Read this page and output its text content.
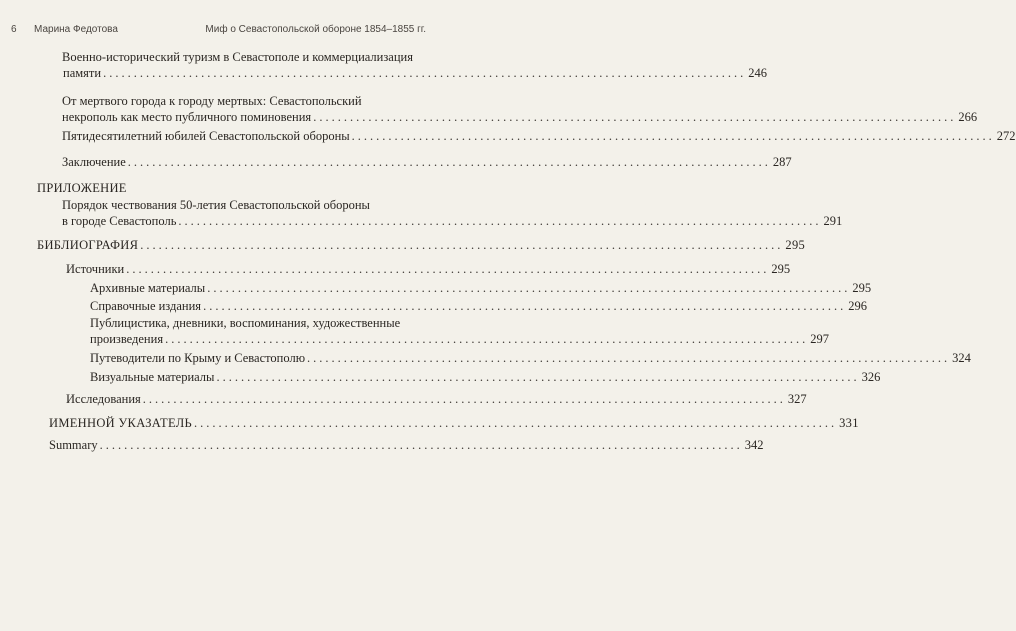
6 Марина Федотова	Миф о Севастопольской обороне 1854–1855 гг.
Военно-исторический туризм в Севастополе и коммерциализация
памяти ......................................................................................................... 246
От мертвого города к городу мертвых: Севастопольский
некрополь как место публичного поминовения ......................................................................................................... 266
Пятидесятилетний юбилей Севастопольской обороны ......................................................................................................... 272
Заключение ......................................................................................................... 287
ПРИЛОЖЕНИЕ
Порядок чествования 50-летия Севастопольской обороны
в городе Севастополь ......................................................................................................... 291
БИБЛИОГРАФИЯ ......................................................................................................... 295
Источники ......................................................................................................... 295
Архивные материалы ......................................................................................................... 295
Справочные издания ......................................................................................................... 296
Публицистика, дневники, воспоминания, художественные
произведения ......................................................................................................... 297
Путеводители по Крыму и Севастополю ......................................................................................................... 324
Визуальные материалы ......................................................................................................... 326
Исследования ......................................................................................................... 327
ИМЕННОЙ УКАЗАТЕЛЬ ......................................................................................................... 331
Summary ......................................................................................................... 342
